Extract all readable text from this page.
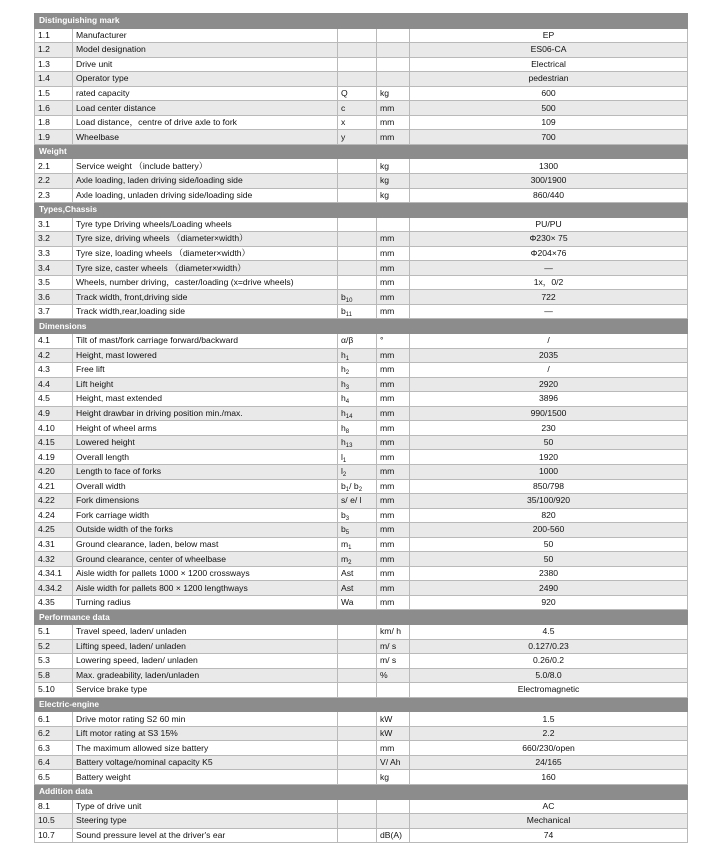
Distinguishing mark				
1.1	Manufacturer			EP
1.2	Model designation			ES06-CA
1.3	Drive unit			Electrical
1.4	Operator type			pedestrian
1.5	rated capacity	Q	kg	600
1.6	Load center distance	c	mm	500
1.8	Load distance，centre of drive axle to fork	x	mm	109
1.9	Wheelbase	y	mm	700
Weight				
2.1	Service weight （include battery）		kg	1300
2.2	Axle loading, laden driving side/loading side		kg	300/1900
2.3	Axle loading, unladen driving side/loading side		kg	860/440
Types,Chassis				
3.1	Tyre type Driving wheels/Loading wheels			PU/PU
3.2	Tyre size, driving wheels （diameter×width）		mm	Φ230× 75
3.3	Tyre size, loading wheels （diameter×width）		mm	Φ204×76
3.4	Tyre size, caster wheels （diameter×width）		mm	—
3.5	Wheels, number driving，caster/loading (x=drive wheels)		mm	1x，0/2
3.6	Track width, front,driving side	$b_{10}$	mm	722
3.7	Track width,rear,loading side	$b_{11}$	mm	—
Dimensions				
4.1	Tilt of mast/fork carriage forward/backward	α/β	°	/
4.2	Height, mast lowered	$h_1$	mm	2035
4.3	Free lift	$h_2$	mm	/
4.4	Lift height	$h_3$	mm	2920
4.5	Height, mast extended	$h_4$	mm	3896
4.9	Height drawbar in driving position min./max.	$h_{14}$	mm	990/1500
4.10	Height of wheel arms	$h_8$	mm	230
4.15	Lowered height	$h_{13}$	mm	50
4.19	Overall length	$l_1$	mm	1920
4.20	Length to face of forks	$l_2$	mm	1000
4.21	Overall width	$b_1/$ $b_2$	mm	850/798
4.22	Fork dimensions	s/ e/ l	mm	35/100/920
4.24	Fork carriage width	$b_3$	mm	820
4.25	Outside width of the forks	$b_5$	mm	200-560
4.31	Ground clearance, laden, below mast	$m_1$	mm	50
4.32	Ground clearance, center of wheelbase	$m_2$	mm	50
4.34.1	Aisle width for pallets 1000 × 1200 crossways	Ast	mm	2380
4.34.2	Aisle width for pallets 800 × 1200 lengthways	Ast	mm	2490
4.35	Turning radius	Wa	mm	920
Performance data				
5.1	Travel speed, laden/ unladen		km/ h	4.5
5.2	Lifting speed, laden/ unladen		m/ s	0.127/0.23
5.3	Lowering speed, laden/ unladen		m/ s	0.26/0.2
5.8	Max. gradeability, laden/unladen		%	5.0/8.0
5.10	Service brake type			Electromagnetic
Electric-engine				
6.1	Drive motor rating S2 60 min		kW	1.5
6.2	Lift motor rating at S3 15%		kW	2.2
6.3	The maximum allowed size battery		mm	660/230/open
6.4	Battery voltage/nominal capacity K5		V/ Ah	24/165
6.5	Battery weight		kg	160
Addition data				
8.1	Type of drive unit			AC
10.5	Steering type			Mechanical
10.7	Sound pressure level at the driver's ear		dB(A)	74
